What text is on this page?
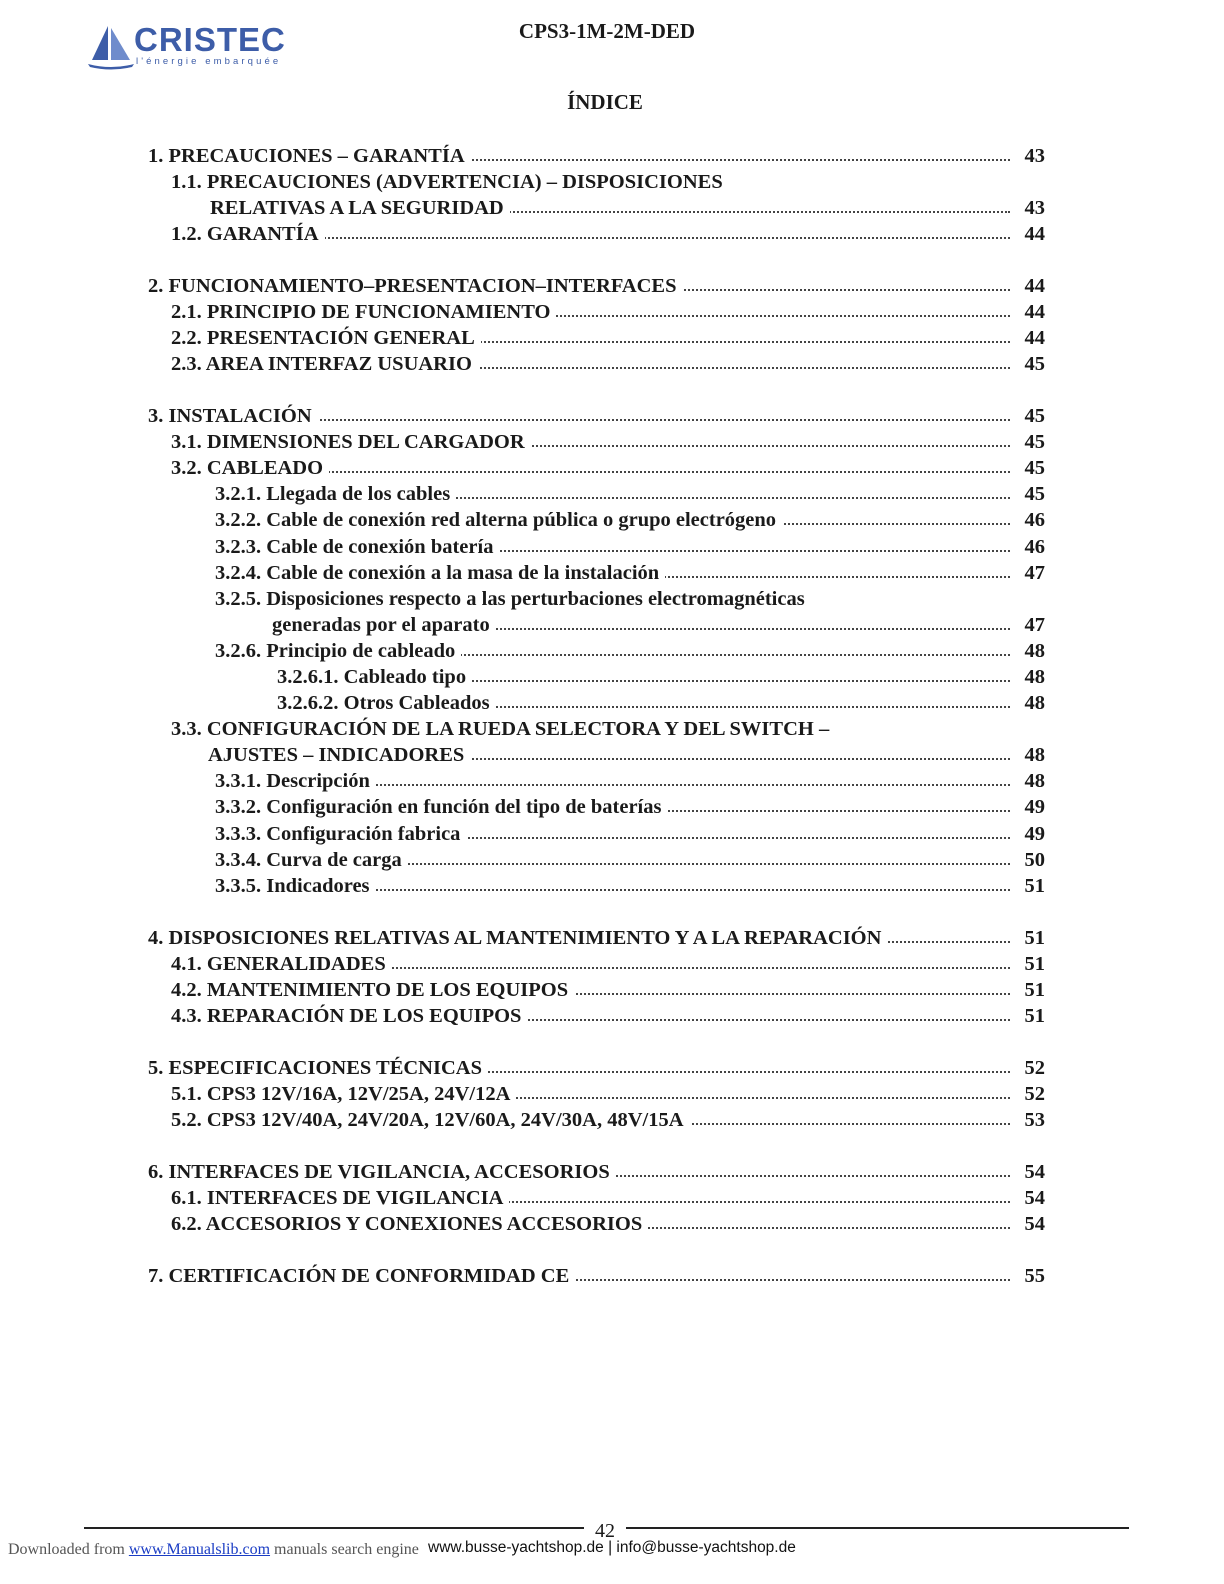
CRISTEC
l'énergie embarquée
CPS3-1M-2M-DED
ÍNDICE
1. PRECAUCIONES – GARANTÍA	43
1.1. PRECAUCIONES (ADVERTENCIA) – DISPOSICIONES
RELATIVAS A LA SEGURIDAD	43
1.2. GARANTÍA	44
2. FUNCIONAMIENTO–PRESENTACION–INTERFACES	44
2.1. PRINCIPIO DE FUNCIONAMIENTO	44
2.2. PRESENTACIÓN GENERAL	44
2.3. AREA INTERFAZ USUARIO	45
3. INSTALACIÓN	45
3.1. DIMENSIONES DEL CARGADOR	45
3.2. CABLEADO	45
3.2.1. Llegada de los cables	45
3.2.2. Cable de conexión red alterna pública o grupo electrógeno	46
3.2.3. Cable de conexión batería	46
3.2.4. Cable de conexión a la masa de la instalación	47
3.2.5. Disposiciones respecto a las perturbaciones electromagnéticas
generadas por el aparato	47
3.2.6. Principio de cableado	48
3.2.6.1. Cableado tipo	48
3.2.6.2. Otros Cableados	48
3.3. CONFIGURACIÓN DE LA RUEDA SELECTORA Y DEL SWITCH –
AJUSTES – INDICADORES	48
3.3.1. Descripción	48
3.3.2. Configuración en función del tipo de baterías	49
3.3.3. Configuración fabrica	49
3.3.4. Curva de carga	50
3.3.5. Indicadores	51
4. DISPOSICIONES RELATIVAS AL MANTENIMIENTO Y A LA REPARACIÓN	51
4.1. GENERALIDADES	51
4.2. MANTENIMIENTO DE LOS EQUIPOS	51
4.3. REPARACIÓN DE LOS EQUIPOS	51
5. ESPECIFICACIONES TÉCNICAS	52
5.1. CPS3 12V/16A, 12V/25A, 24V/12A	52
5.2. CPS3 12V/40A, 24V/20A, 12V/60A, 24V/30A, 48V/15A	53
6. INTERFACES DE VIGILANCIA, ACCESORIOS	54
6.1. INTERFACES DE VIGILANCIA	54
6.2. ACCESORIOS Y CONEXIONES ACCESORIOS	54
7. CERTIFICACIÓN DE CONFORMIDAD CE	55
42
Downloaded from www.Manualslib.com manuals search engine www.busse-yachtshop.de | info@busse-yachtshop.de
